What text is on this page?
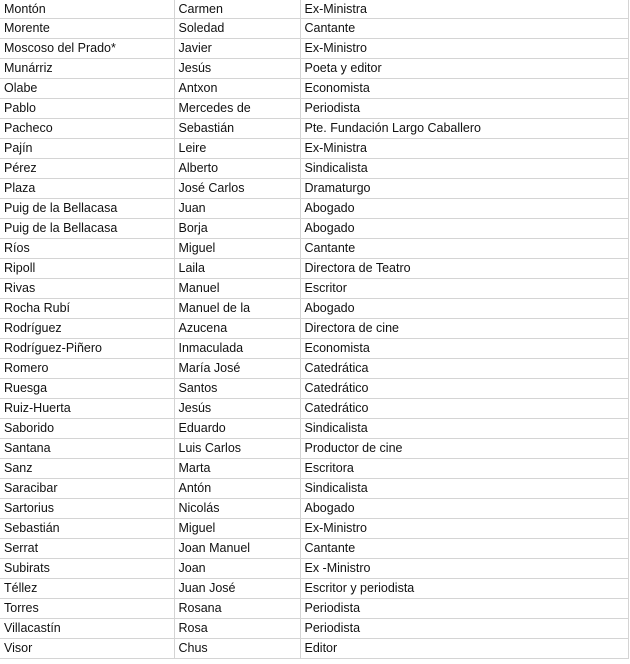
Montón	Carmen	Ex-Ministra
Morente	Soledad	Cantante
Moscoso del Prado*	Javier	Ex-Ministro
Munárriz	Jesús	Poeta y editor
Olabe	Antxon	Economista
Pablo	Mercedes de	Periodista
Pacheco	Sebastián	Pte. Fundación Largo Caballero
Pajín	Leire	Ex-Ministra
Pérez	Alberto	Sindicalista
Plaza	José Carlos	Dramaturgo
Puig de la Bellacasa	Juan	Abogado
Puig de la Bellacasa	Borja	Abogado
Ríos	Miguel	Cantante
Ripoll	Laila	Directora de Teatro
Rivas	Manuel	Escritor
Rocha Rubí	Manuel de la	Abogado
Rodríguez	Azucena	Directora de cine
Rodríguez-Piñero	Inmaculada	Economista
Romero	María José	Catedrática
Ruesga	Santos	Catedrático
Ruiz-Huerta	Jesús	Catedrático
Saborido	Eduardo	Sindicalista
Santana	Luis Carlos	Productor de cine
Sanz	Marta	Escritora
Saracibar	Antón	Sindicalista
Sartorius	Nicolás	Abogado
Sebastián	Miguel	Ex-Ministro
Serrat	Joan Manuel	Cantante
Subirats	Joan	Ex -Ministro
Téllez	Juan José	Escritor y periodista
Torres	Rosana	Periodista
Villacastín	Rosa	Periodista
Visor	Chus	Editor
